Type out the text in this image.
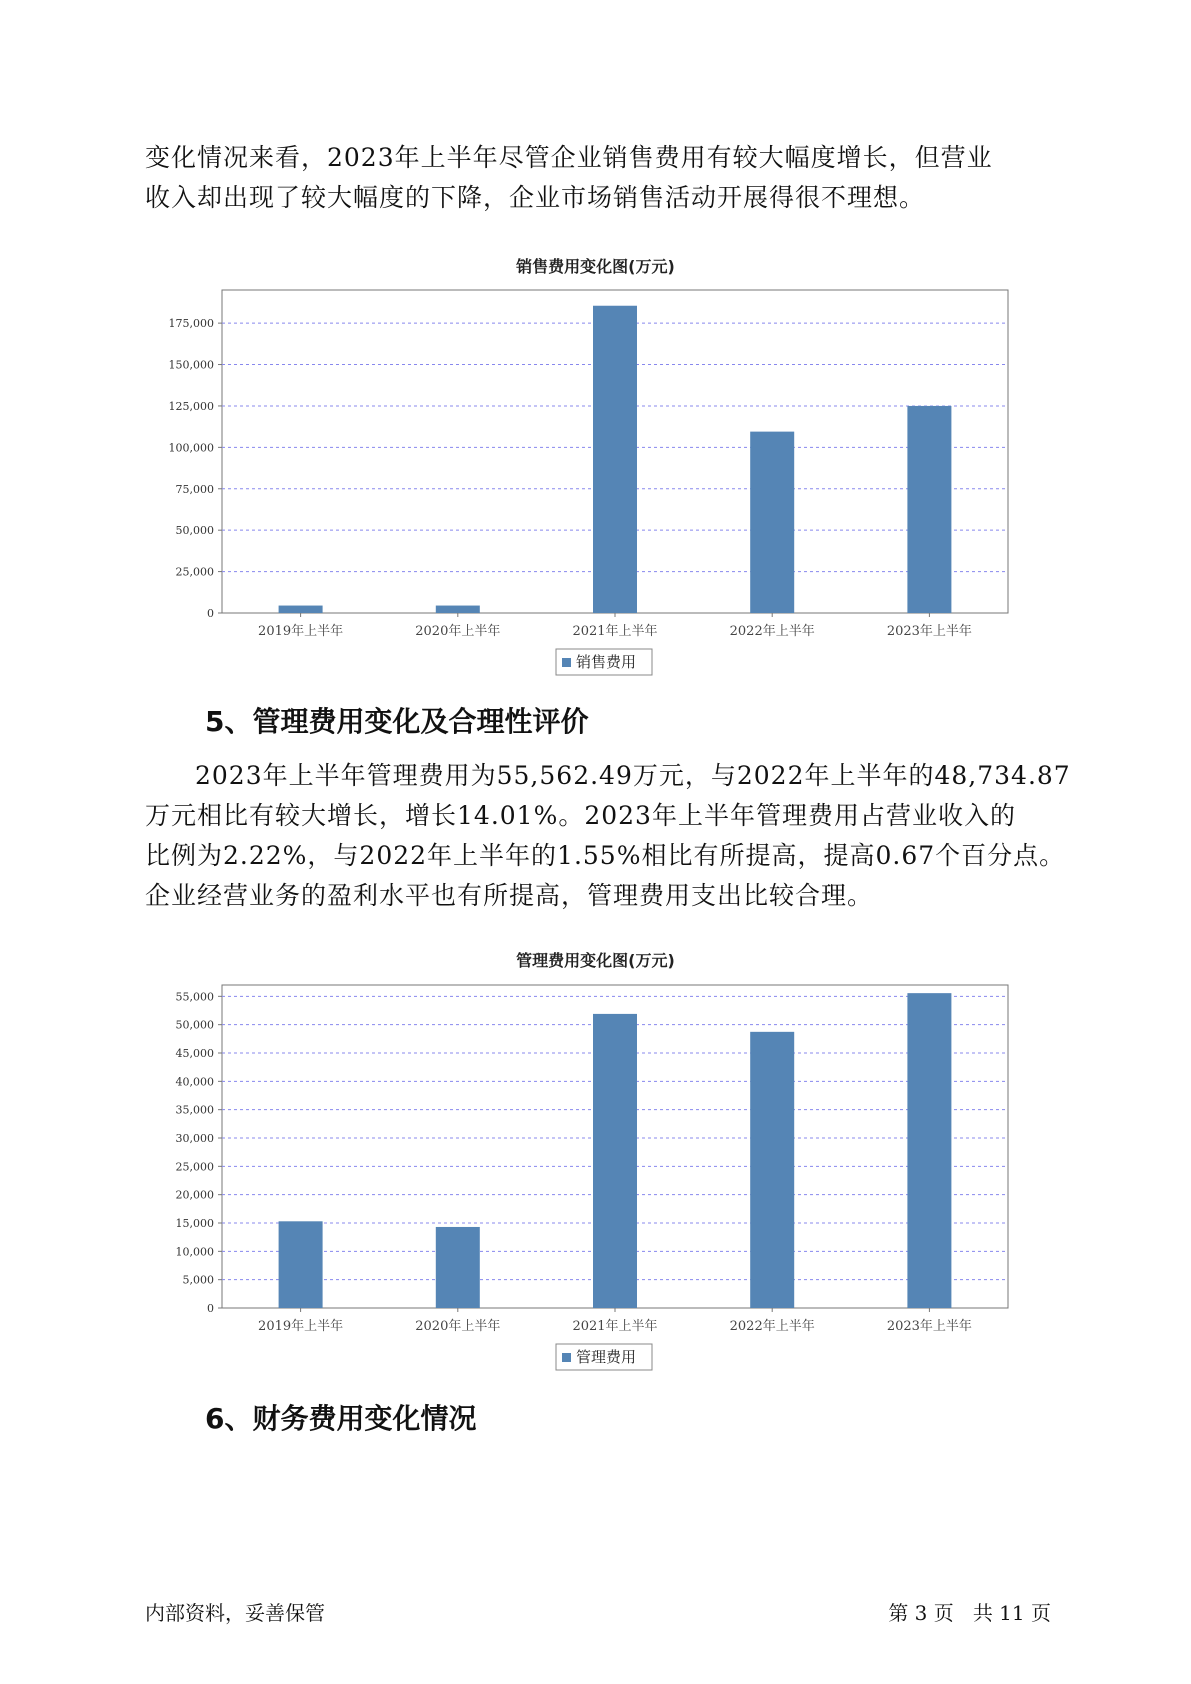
变化情况来看，2023年上半年尽管企业销售费用有较大幅度增长，但营业
收入却出现了较大幅度的下降，企业市场销售活动开展得很不理想。
销售费用变化图(万元)
0
25,000
50,000
75,000
100,000
125,000
150,000
175,000
2019年上半年	2020年上半年	2021年上半年	2022年上半年	2023年上半年
销售费用
5、管理费用变化及合理性评价
2023年上半年管理费用为55,562.49万元，与2022年上半年的48,734.87
万元相比有较大增长，增长14.01%。2023年上半年管理费用占营业收入的
比例为2.22%，与2022年上半年的1.55%相比有所提高，提高0.67个百分点。
企业经营业务的盈利水平也有所提高，管理费用支出比较合理。
管理费用变化图(万元)
0
5,000
10,000
15,000
20,000
25,000
30,000
35,000
40,000
45,000
50,000
55,000
2019年上半年	2020年上半年	2021年上半年	2022年上半年	2023年上半年
管理费用
6、财务费用变化情况
内部资料，妥善保管	第 3 页   共 11 页
